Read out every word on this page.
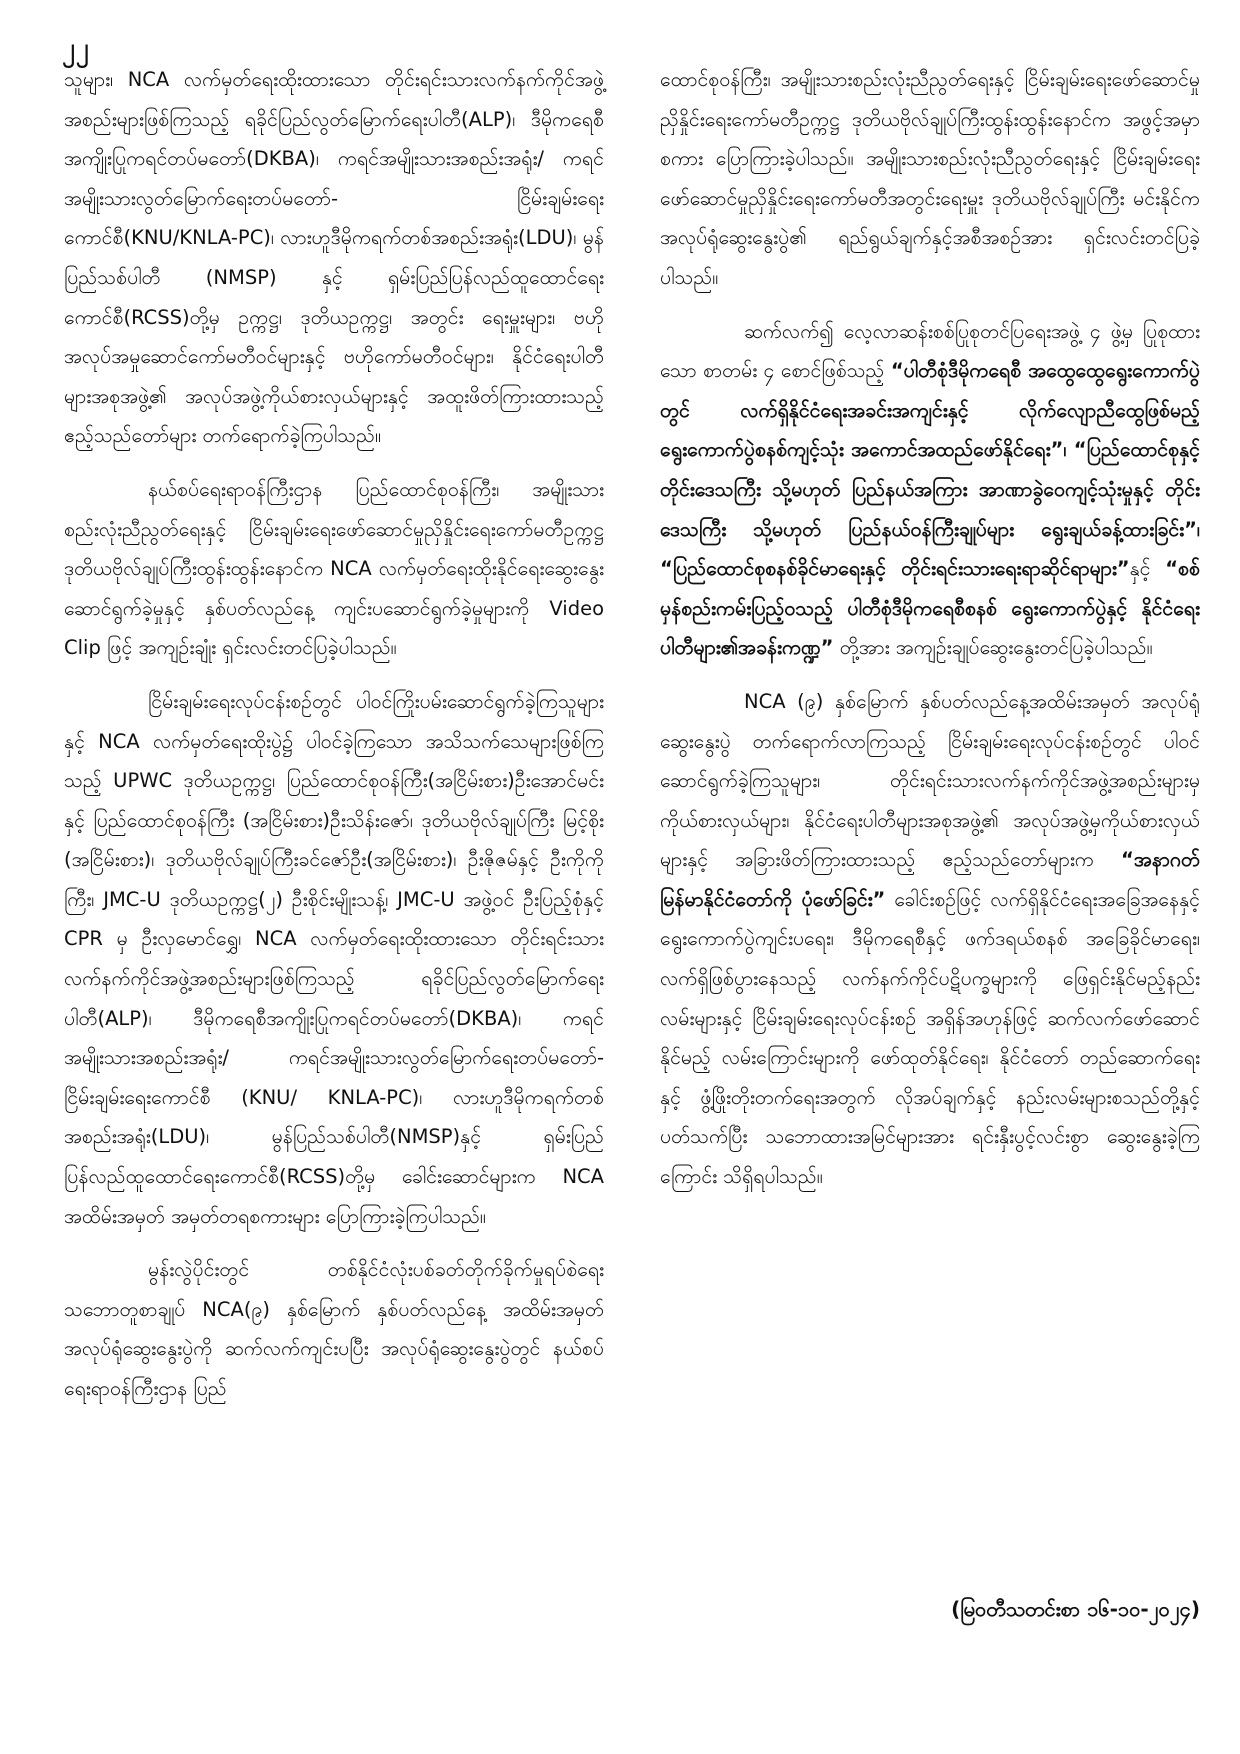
၂၂

သူများ၊ NCA လက်မှတ်ရေးထိုးထားသော တိုင်းရင်းသားလက်နက်ကိုင်အဖွဲ့အစည်းများဖြစ်ကြသည့် ရခိုင်ပြည်လွတ်မြောက်ရေးပါတီ(ALP)၊ ဒီမိုကရေစီအကျိုးပြုကရင်တပ်မတော်(DKBA)၊ ကရင်အမျိုးသားအစည်းအရုံး/ ကရင်အမျိုးသားလွတ်မြောက်ရေးတပ်မတော်- ငြိမ်းချမ်းရေးကောင်စီ(KNU/KNLA-PC)၊ လားဟူဒီမိုကရက်တစ်အစည်းအရုံး(LDU)၊ မွန်ပြည်သစ်ပါတီ (NMSP) နှင့် ရှမ်းပြည်ပြန်လည်ထူထောင်ရေးကောင်စီ(RCSS)တို့မှ ဥက္ကဋ္ဌ၊ ဒုတိယဥက္ကဋ္ဌ၊ အတွင်း ရေးမှူးများ၊ ဗဟိုအလုပ်အမှုဆောင်ကော်မတီဝင်များနှင့် ဗဟိုကော်မတီဝင်များ၊ နိုင်ငံရေးပါတီများအစုအဖွဲ့၏ အလုပ်အဖွဲ့ကိုယ်စားလှယ်များနှင့် အထူးဖိတ်ကြားထားသည့် ဧည့်သည်တော်များ တက်ရောက်ခဲ့ကြပါသည်။

နယ်စပ်ရေးရာဝန်ကြီးဌာန ပြည်ထောင်စုဝန်ကြီး၊ အမျိုးသားစည်းလုံးညီညွတ်ရေးနှင့် ငြိမ်းချမ်းရေးဖော်ဆောင်မှုညှိနှိုင်းရေးကော်မတီဥက္ကဋ္ဌ ဒုတိယဗိုလ်ချုပ်ကြီးထွန်းထွန်းနောင်က NCA လက်မှတ်ရေးထိုးနိုင်ရေးဆွေးနွေးဆောင်ရွက်ခဲ့မှုနှင့် နှစ်ပတ်လည်နေ့ ကျင်းပဆောင်ရွက်ခဲ့မှုများကို Video Clip ဖြင့် အကျဉ်းချုံး ရှင်းလင်းတင်ပြခဲ့ပါသည်။

ငြိမ်းချမ်းရေးလုပ်ငန်းစဉ်တွင် ပါဝင်ကြိုးပမ်းဆောင်ရွက်ခဲ့ကြသူများနှင့် NCA လက်မှတ်ရေးထိုးပွဲ၌ ပါဝင်ခဲ့ကြသော အသိသက်သေများဖြစ်ကြသည့် UPWC ဒုတိယဥက္ကဋ္ဌ၊ ပြည်ထောင်စုဝန်ကြီး(အငြိမ်းစား)ဦးအောင်မင်းနှင့် ပြည်ထောင်စုဝန်ကြီး (အငြိမ်းစား)ဦးသိန်းဇော်၊ ဒုတိယဗိုလ်ချုပ်ကြီး မြင့်စိုး (အငြိမ်းစား)၊ ဒုတိယဗိုလ်ချုပ်ကြီးခင်ဇော်ဦး(အငြိမ်းစား)၊ ဦးဇိုဇမ်နှင့် ဦးကိုကိုကြီး၊ JMC-U ဒုတိယဥက္ကဋ္ဌ(၂) ဦးစိုင်းမျိုးသန့်၊ JMC-U အဖွဲ့ဝင် ဦးပြည့်စုံနှင့် CPR မှ ဦးလှမောင်ရွှေ၊ NCA လက်မှတ်ရေးထိုးထားသော တိုင်းရင်းသားလက်နက်ကိုင်အဖွဲ့အစည်းများဖြစ်ကြသည့် ရခိုင်ပြည်လွတ်မြောက်ရေးပါတီ(ALP)၊ ဒီမိုကရေစီအကျိုးပြုကရင်တပ်မတော်(DKBA)၊ ကရင်အမျိုးသားအစည်းအရုံး/ ကရင်အမျိုးသားလွတ်မြောက်ရေးတပ်မတော်- ငြိမ်းချမ်းရေးကောင်စီ (KNU/ KNLA-PC)၊ လားဟူဒီမိုကရက်တစ်အစည်းအရုံး(LDU)၊ မွန်ပြည်သစ်ပါတီ(NMSP)နှင့် ရှမ်းပြည်ပြန်လည်ထူထောင်ရေးကောင်စီ(RCSS)တို့မှ ခေါင်းဆောင်များက NCA အထိမ်းအမှတ် အမှတ်တရစကားများ ပြောကြားခဲ့ကြပါသည်။

မွန်းလွဲပိုင်းတွင် တစ်နိုင်ငံလုံးပစ်ခတ်တိုက်ခိုက်မှုရပ်စဲရေး သဘောတူစာချုပ် NCA(၉) နှစ်မြောက် နှစ်ပတ်လည်နေ့ အထိမ်းအမှတ် အလုပ်ရုံဆွေးနွေးပွဲကို ဆက်လက်ကျင်းပပြီး အလုပ်ရုံဆွေးနွေးပွဲတွင် နယ်စပ်ရေးရာဝန်ကြီးဌာန ပြည်

ထောင်စုဝန်ကြီး၊ အမျိုးသားစည်းလုံးညီညွတ်ရေးနှင့် ငြိမ်းချမ်းရေးဖော်ဆောင်မှုညှိနှိုင်းရေးကော်မတီဥက္ကဋ္ဌ ဒုတိယဗိုလ်ချုပ်ကြီးထွန်းထွန်းနောင်က အဖွင့်အမှာစကား ပြောကြားခဲ့ပါသည်။ အမျိုးသားစည်းလုံးညီညွတ်ရေးနှင့် ငြိမ်းချမ်းရေးဖော်ဆောင်မှုညှိနှိုင်းရေးကော်မတီအတွင်းရေးမှူး ဒုတိယဗိုလ်ချုပ်ကြီး မင်းနိုင်က အလုပ်ရုံဆွေးနွေးပွဲ၏ ရည်ရွယ်ချက်နှင့်အစီအစဉ်အား ရှင်းလင်းတင်ပြခဲ့ပါသည်။

ဆက်လက်၍ လေ့လာဆန်းစစ်ပြုစုတင်ပြရေးအဖွဲ့ ၄ ဖွဲ့မှ ပြုစုထားသော စာတမ်း ၄ စောင်ဖြစ်သည့် “ပါတီစုံဒီမိုကရေစီ အထွေထွေရွေးကောက်ပွဲတွင် လက်ရှိနိုင်ငံရေးအခင်းအကျင်းနှင့် လိုက်လျောညီထွေဖြစ်မည့် ရွေးကောက်ပွဲစနစ်ကျင့်သုံး အကောင်အထည်ဖော်နိုင်ရေး”၊ “ပြည်ထောင်စုနှင့် တိုင်းဒေသကြီး သို့မဟုတ် ပြည်နယ်အကြား အာဏာခွဲဝေကျင့်သုံးမှုနှင့် တိုင်းဒေသကြီး သို့မဟုတ် ပြည်နယ်ဝန်ကြီးချုပ်များ ရွေးချယ်ခန့်ထားခြင်း”၊ “ပြည်ထောင်စုစနစ်ခိုင်မာရေးနှင့် တိုင်းရင်းသားရေးရာဆိုင်ရာများ”နှင့် “စစ်မှန်စည်းကမ်းပြည့်ဝသည့် ပါတီစုံဒီမိုကရေစီစနစ် ရွေးကောက်ပွဲနှင့် နိုင်ငံရေးပါတီများ၏အခန်းကဏ္ဍ” တို့အား အကျဉ်းချုပ်ဆွေးနွေးတင်ပြခဲ့ပါသည်။

NCA (၉) နှစ်မြောက် နှစ်ပတ်လည်နေ့အထိမ်းအမှတ် အလုပ်ရုံဆွေးနွေးပွဲ တက်ရောက်လာကြသည့် ငြိမ်းချမ်းရေးလုပ်ငန်းစဉ်တွင် ပါဝင်ဆောင်ရွက်ခဲ့ကြသူများ၊ တိုင်းရင်းသားလက်နက်ကိုင်အဖွဲ့အစည်းများမှ ကိုယ်စားလှယ်များ၊ နိုင်ငံရေးပါတီများအစုအဖွဲ့၏ အလုပ်အဖွဲ့မှကိုယ်စားလှယ်များနှင့် အခြားဖိတ်ကြားထားသည့် ဧည့်သည်တော်များက “အနာဂတ် မြန်မာနိုင်ငံတော်ကို ပုံဖော်ခြင်း” ခေါင်းစဉ်ဖြင့် လက်ရှိနိုင်ငံရေးအခြေအနေနှင့် ရွေးကောက်ပွဲကျင်းပရေး၊ ဒီမိုကရေစီနှင့် ဖက်ဒရယ်စနစ် အခြေခိုင်မာရေး၊ လက်ရှိဖြစ်ပွားနေသည့် လက်နက်ကိုင်ပဋိပက္ခများကို ဖြေရှင်းနိုင်မည့်နည်းလမ်းများနှင့် ငြိမ်းချမ်းရေးလုပ်ငန်းစဉ် အရှိန်အဟုန်ဖြင့် ဆက်လက်ဖော်ဆောင်နိုင်မည့် လမ်းကြောင်းများကို ဖော်ထုတ်နိုင်ရေး၊ နိုင်ငံတော် တည်ဆောက်ရေးနှင့် ဖွံ့ဖြိုးတိုးတက်ရေးအတွက် လိုအပ်ချက်နှင့် နည်းလမ်းများစသည်တို့နှင့်ပတ်သက်ပြီး သဘောထားအမြင်များအား ရင်းနှီးပွင့်လင်းစွာ ဆွေးနွေးခဲ့ကြကြောင်း သိရှိရပါသည်။

(မြဝတီသတင်းစာ ၁၆-၁၀-၂၀၂၄)
